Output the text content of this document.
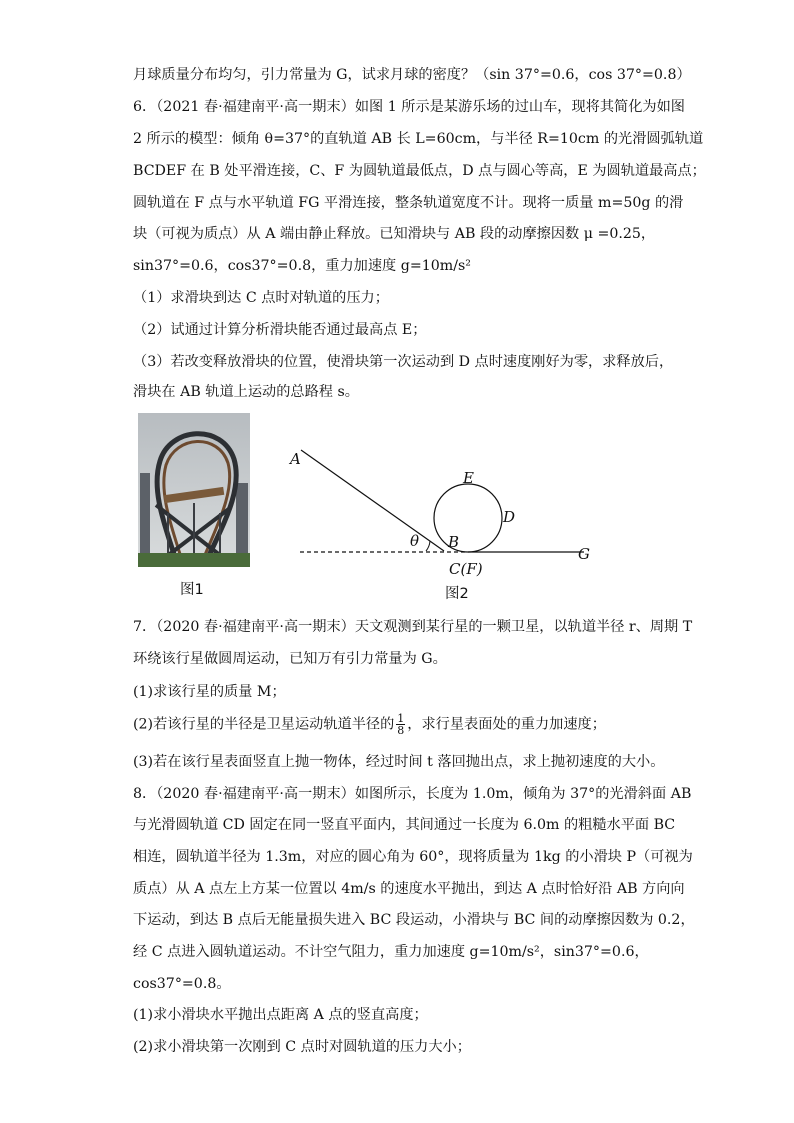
月球质量分布均匀，引力常量为 G，试求月球的密度？（sin 37°=0.6，cos 37°=0.8）
6．（2021 春·福建南平·高一期末）如图 1 所示是某游乐场的过山车，现将其简化为如图
2 所示的模型：倾角 θ=37°的直轨道 AB 长 L=60cm，与半径 R=10cm 的光滑圆弧轨道
BCDEF 在 B 处平滑连接，C、F 为圆轨道最低点，D 点与圆心等高，E 为圆轨道最高点；
圆轨道在 F 点与水平轨道 FG 平滑连接，整条轨道宽度不计。现将一质量 m=50g 的滑
块（可视为质点）从 A 端由静止释放。已知滑块与 AB 段的动摩擦因数 μ =0.25，
sin37°=0.6，cos37°=0.8，重力加速度 g=10m/s²
（1）求滑块到达 C 点时对轨道的压力；
（2）试通过计算分析滑块能否通过最高点 E；
（3）若改变释放滑块的位置，使滑块第一次运动到 D 点时速度刚好为零，求释放后，
滑块在 AB 轨道上运动的总路程 s。
图1
A
E
D
θ B
G
C(F)
图2
7．（2020 春·福建南平·高一期末）天文观测到某行星的一颗卫星，以轨道半径 r、周期 T
环绕该行星做圆周运动，已知万有引力常量为 G。
(1)求该行星的质量 M；
(2)若该行星的半径是卫星运动轨道半径的 $\frac{1}{8}$ ，求行星表面处的重力加速度；
(3)若在该行星表面竖直上抛一物体，经过时间 t 落回抛出点，求上抛初速度的大小。
8．（2020 春·福建南平·高一期末）如图所示，长度为 1.0m，倾角为 37°的光滑斜面 AB
与光滑圆轨道 CD 固定在同一竖直平面内，其间通过一长度为 6.0m 的粗糙水平面 BC
相连，圆轨道半径为 1.3m，对应的圆心角为 60°，现将质量为 1kg 的小滑块 P（可视为
质点）从 A 点左上方某一位置以 4m/s 的速度水平抛出，到达 A 点时恰好沿 AB 方向向
下运动，到达 B 点后无能量损失进入 BC 段运动，小滑块与 BC 间的动摩擦因数为 0.2，
经 C 点进入圆轨道运动。不计空气阻力，重力加速度 g=10m/s²，sin37°=0.6，
cos37°=0.8。
(1)求小滑块水平抛出点距离 A 点的竖直高度；
(2)求小滑块第一次刚到 C 点时对圆轨道的压力大小；
